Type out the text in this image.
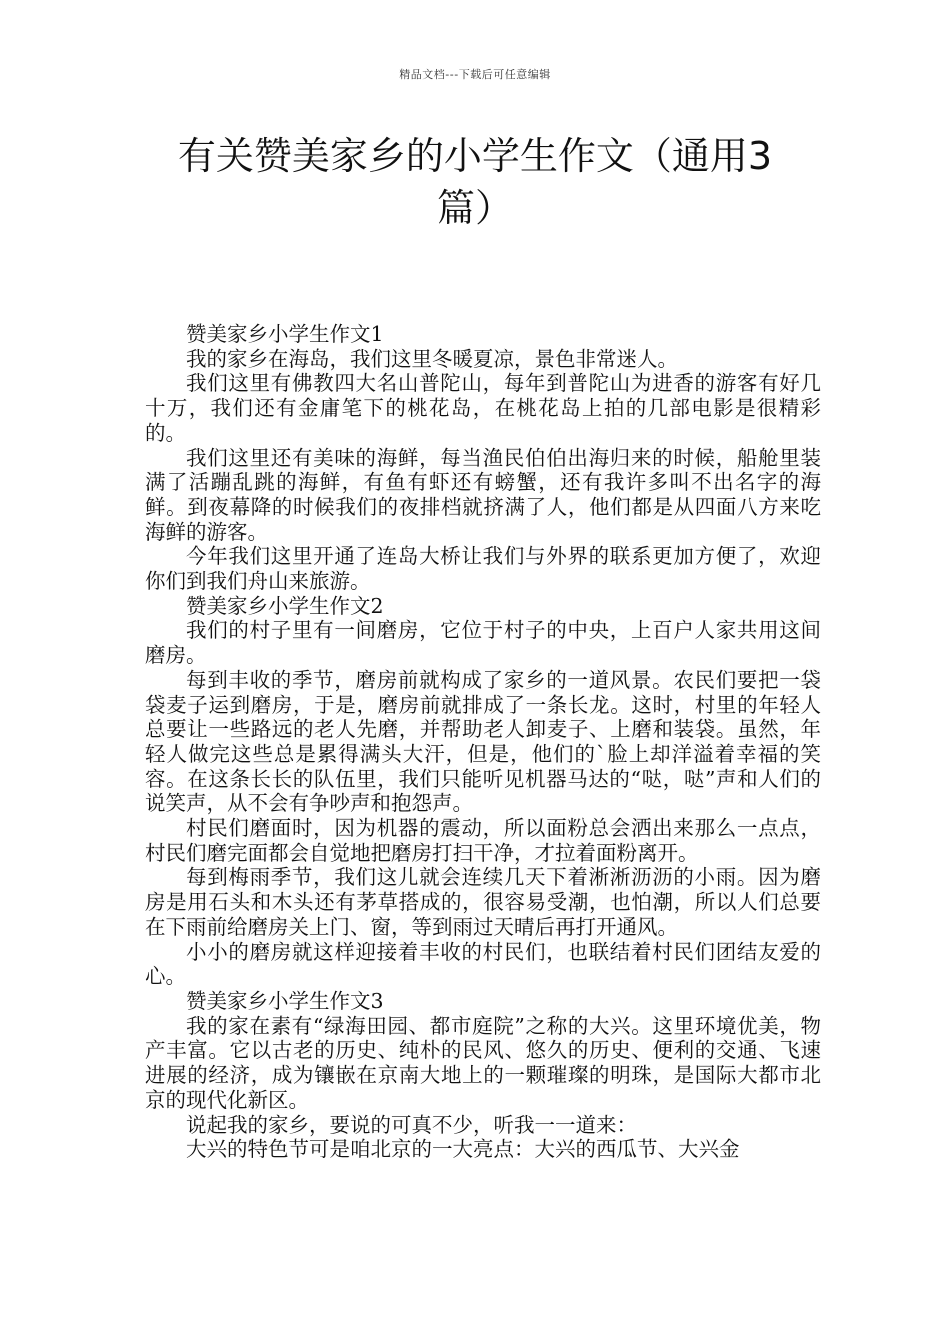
精品文档---下载后可任意编辑
有关赞美家乡的小学生作文（通用3篇）

赞美家乡小学生作文1

我的家乡在海岛，我们这里冬暖夏凉，景色非常迷人。

我们这里有佛教四大名山普陀山，每年到普陀山为进香的游客有好几十万，我们还有金庸笔下的桃花岛，在桃花岛上拍的几部电影是很精彩的。

我们这里还有美味的海鲜，每当渔民伯伯出海归来的时候，船舱里装满了活蹦乱跳的海鲜，有鱼有虾还有螃蟹，还有我许多叫不出名字的海鲜。到夜幕降的时候我们的夜排档就挤满了人，他们都是从四面八方来吃海鲜的游客。

今年我们这里开通了连岛大桥让我们与外界的联系更加方便了，欢迎你们到我们舟山来旅游。

赞美家乡小学生作文2

我们的村子里有一间磨房，它位于村子的中央，上百户人家共用这间磨房。

每到丰收的季节，磨房前就构成了家乡的一道风景。农民们要把一袋袋麦子运到磨房，于是，磨房前就排成了一条长龙。这时，村里的年轻人总要让一些路远的老人先磨，并帮助老人卸麦子、上磨和装袋。虽然，年轻人做完这些总是累得满头大汗，但是，他们的`脸上却洋溢着幸福的笑容。在这条长长的队伍里，我们只能听见机器马达的“哒，哒”声和人们的说笑声，从不会有争吵声和抱怨声。

村民们磨面时，因为机器的震动，所以面粉总会洒出来那么一点点，村民们磨完面都会自觉地把磨房打扫干净，才拉着面粉离开。

每到梅雨季节，我们这儿就会连续几天下着淅淅沥沥的小雨。因为磨房是用石头和木头还有茅草搭成的，很容易受潮，也怕潮，所以人们总要在下雨前给磨房关上门、窗，等到雨过天晴后再打开通风。

小小的磨房就这样迎接着丰收的村民们，也联结着村民们团结友爱的心。

赞美家乡小学生作文3

我的家在素有“绿海田园、都市庭院”之称的大兴。这里环境优美，物产丰富。它以古老的历史、纯朴的民风、悠久的历史、便利的交通、飞速进展的经济，成为镶嵌在京南大地上的一颗璀璨的明珠，是国际大都市北京的现代化新区。

说起我的家乡，要说的可真不少，听我一一道来：

大兴的特色节可是咱北京的一大亮点：大兴的西瓜节、大兴金
